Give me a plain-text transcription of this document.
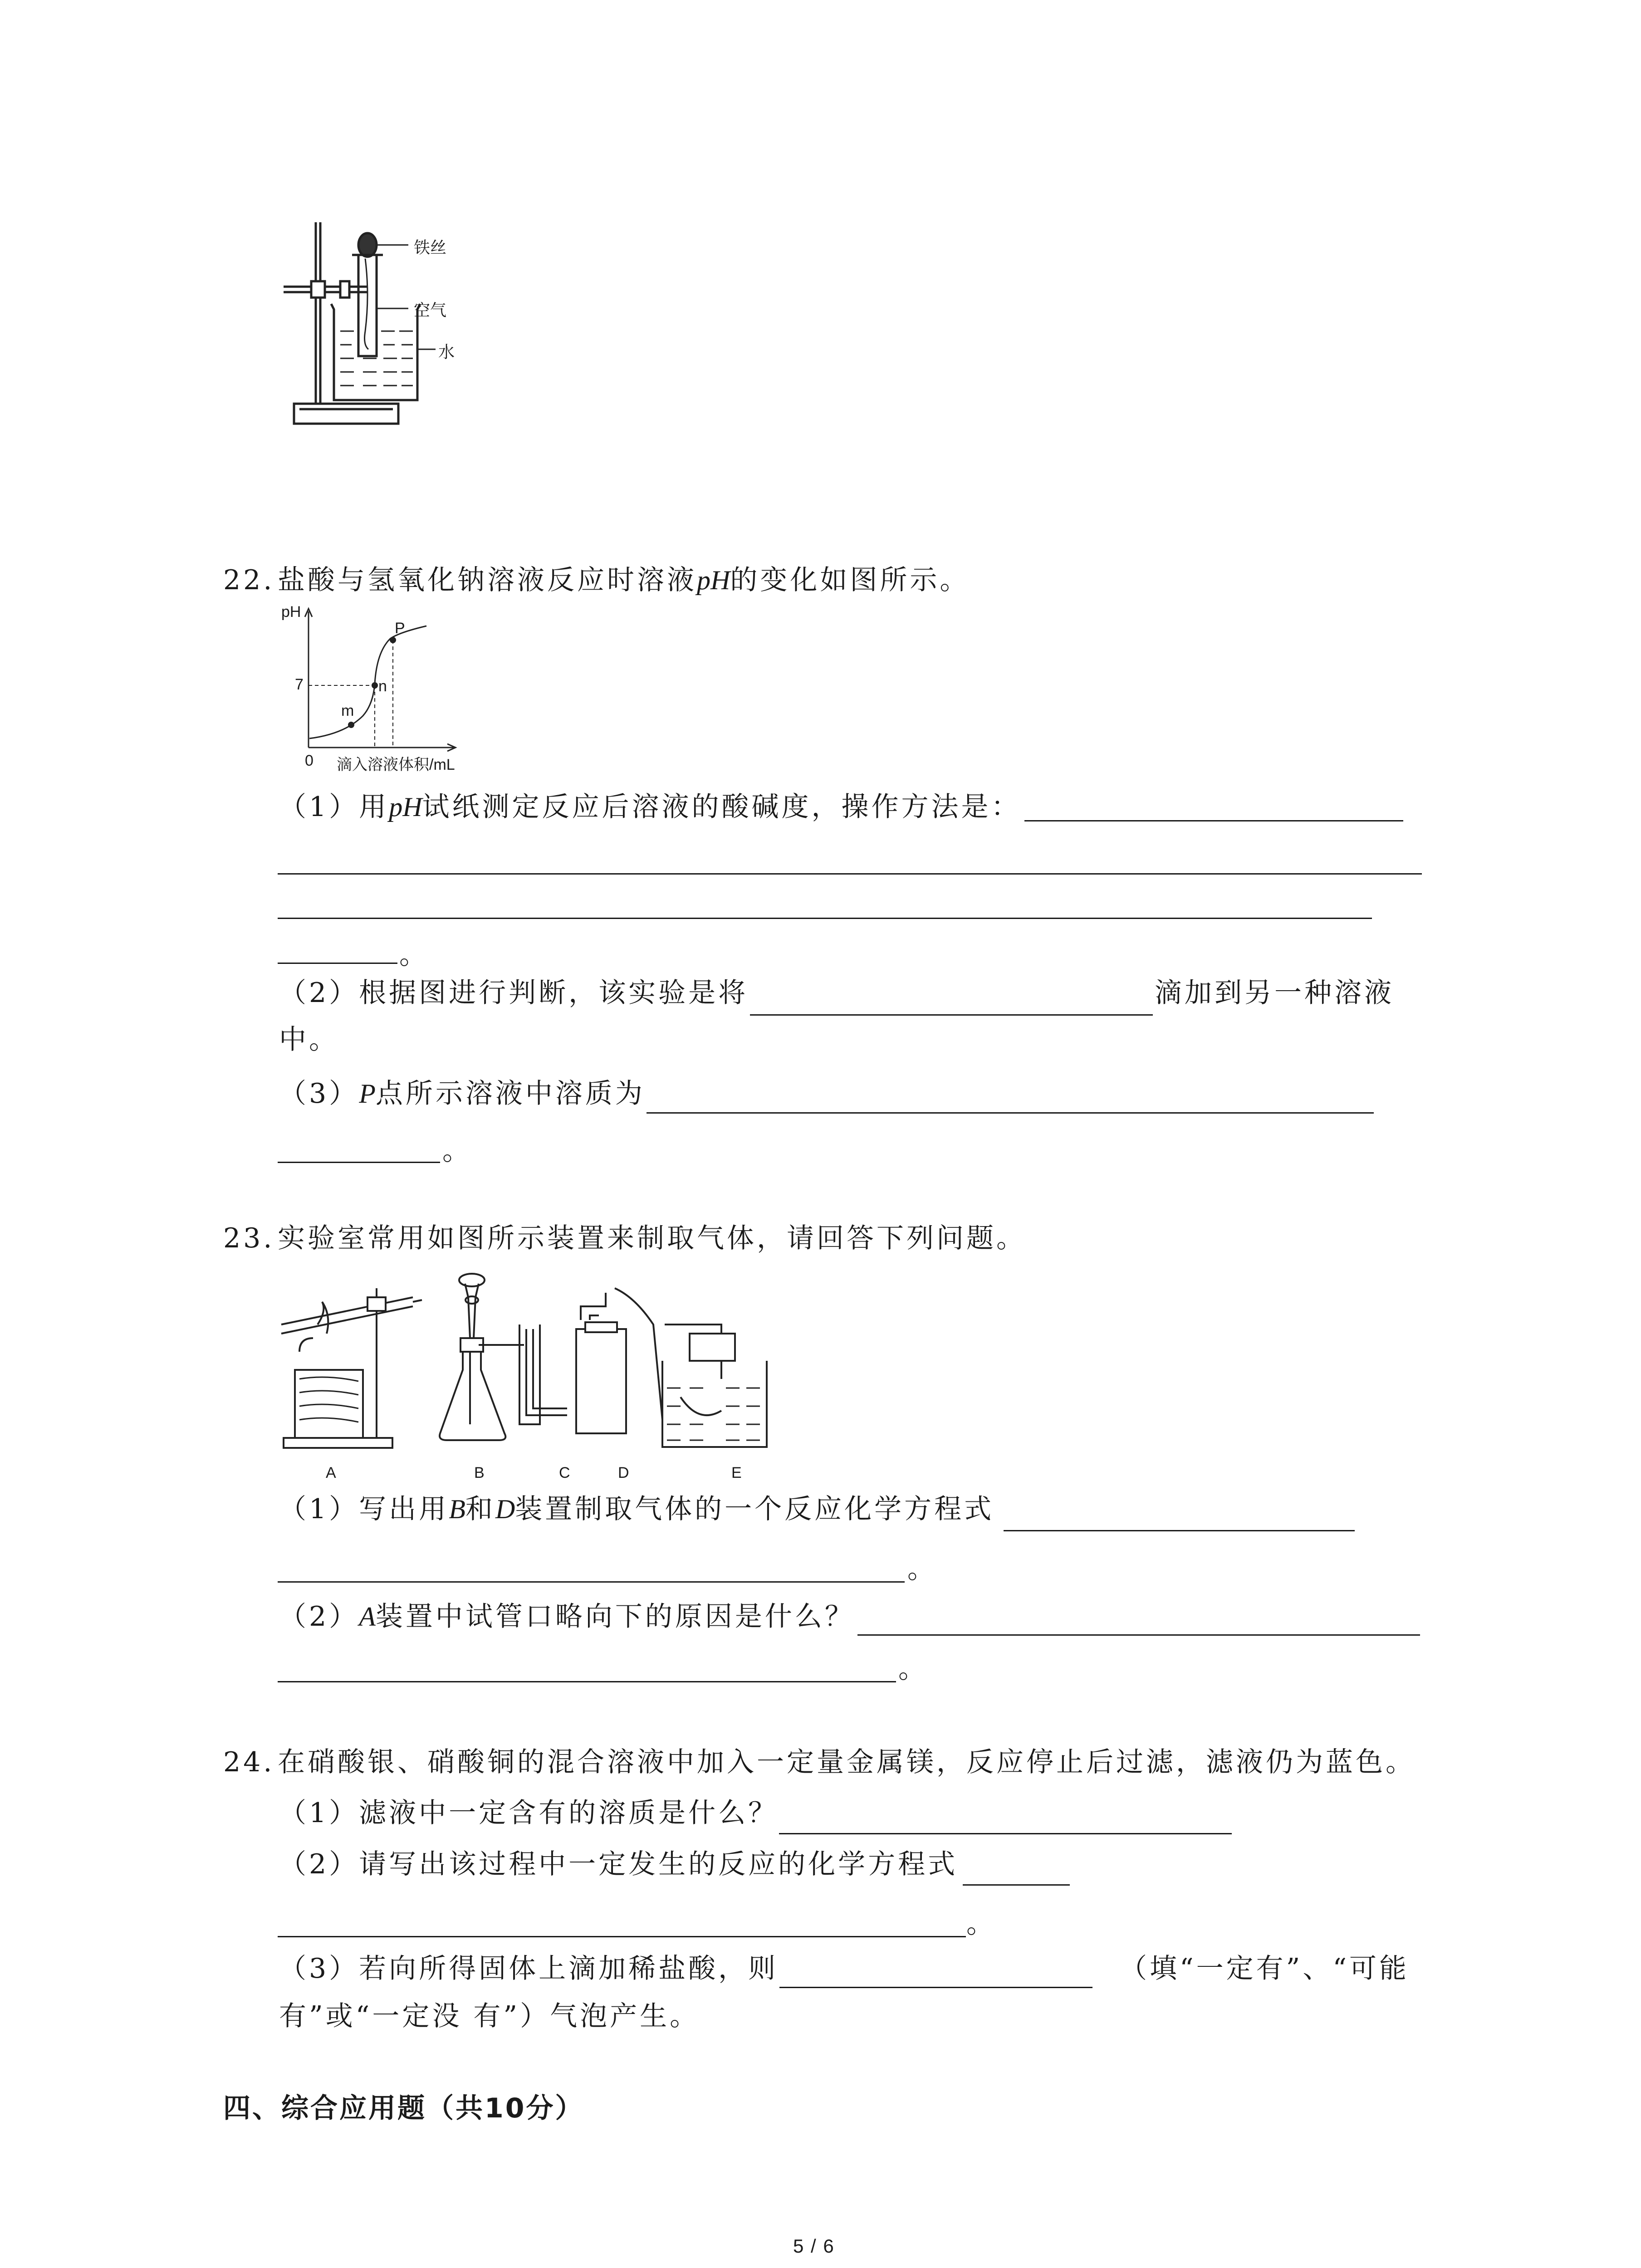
铁丝
空气
水
22. 盐酸与氢氧化钠溶液反应时溶液pH的变化如图所示。
pH
7
0 滴入溶液体积/mL
m
n
P
（1）用pH试纸测定反应后溶液的酸碱度，操作方法是：
。
（2）根据图进行判断，该实验是将	滴加到另一种溶液
中。
（3）P点所示溶液中溶质为
。
23. 实验室常用如图所示装置来制取气体，请回答下列问题。
A	B	C	D	E
（1）写出用B和D装置制取气体的一个反应化学方程式
。
（2）A装置中试管口略向下的原因是什么？
。
24. 在硝酸银、硝酸铜的混合溶液中加入一定量金属镁，反应停止后过滤，滤液仍为蓝色。
（1）滤液中一定含有的溶质是什么？
（2）请写出该过程中一定发生的反应的化学方程式
。
（3）若向所得固体上滴加稀盐酸，则	（填“一定有”、“可能
有”或“一定没 有”）气泡产生。
四、综合应用题（共10分）
5 / 6
